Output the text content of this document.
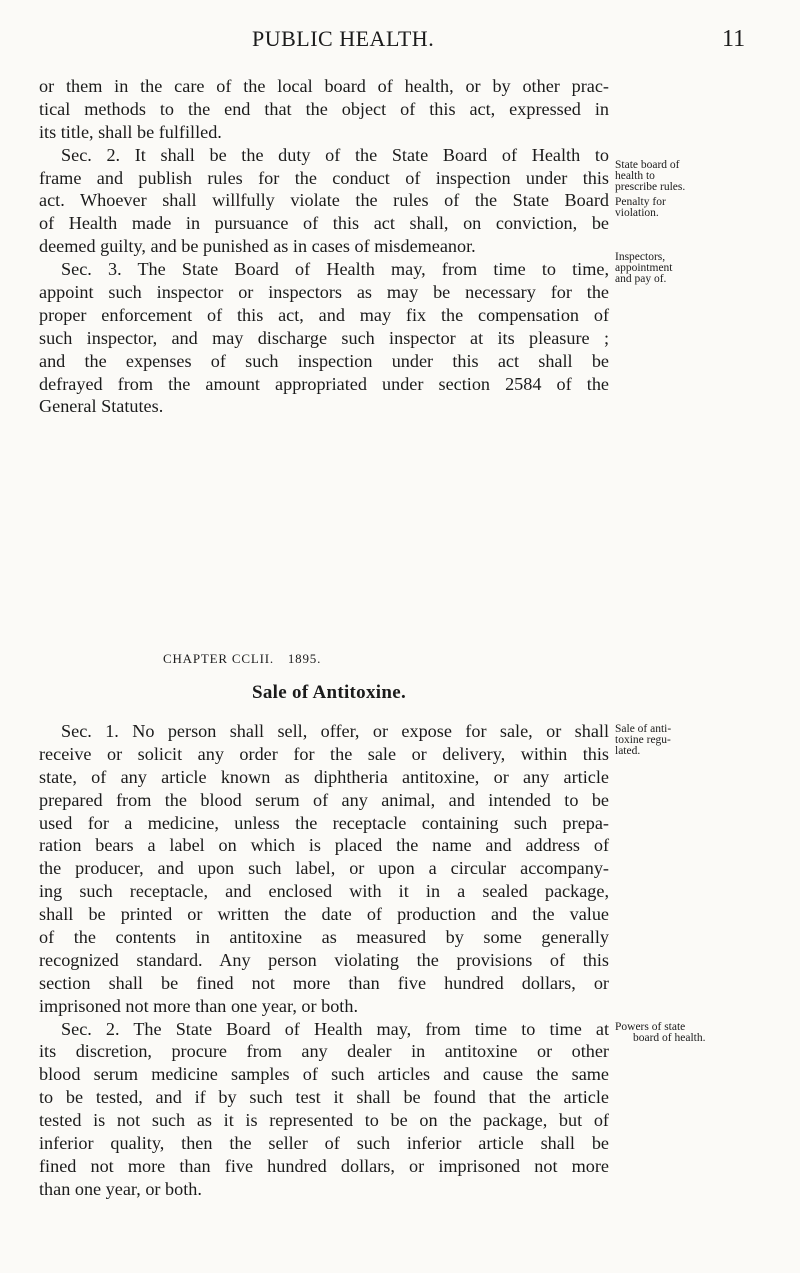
PUBLIC HEALTH.	11
or them in the care of the local board of health, or by other prac-
tical methods to the end that the object of this act, expressed in
its title, shall be fulfilled.
Sec. 2. It shall be the duty of the State Board of Health to
frame and publish rules for the conduct of inspection under this
act. Whoever shall willfully violate the rules of the State Board
of Health made in pursuance of this act shall, on conviction, be
deemed guilty, and be punished as in cases of misdemeanor.
Sec. 3. The State Board of Health may, from time to time,
appoint such inspector or inspectors as may be necessary for the
proper enforcement of this act, and may fix the compensation of
such inspector, and may discharge such inspector at its pleasure ;
and the expenses of such inspection under this act shall be
defrayed from the amount appropriated under section 2584 of the
General Statutes.
State board of
health to
prescribe rules.
Penalty for
violation.
Inspectors,
appointment
and pay of.
CHAPTER CCLII. 1895.
Sale of Antitoxine.
Sec. 1. No person shall sell, offer, or expose for sale, or shall
receive or solicit any order for the sale or delivery, within this
state, of any article known as diphtheria antitoxine, or any article
prepared from the blood serum of any animal, and intended to be
used for a medicine, unless the receptacle containing such prepa-
ration bears a label on which is placed the name and address of
the producer, and upon such label, or upon a circular accompany-
ing such receptacle, and enclosed with it in a sealed package,
shall be printed or written the date of production and the value
of the contents in antitoxine as measured by some generally
recognized standard. Any person violating the provisions of this
section shall be fined not more than five hundred dollars, or
imprisoned not more than one year, or both.
Sec. 2. The State Board of Health may, from time to time at
its discretion, procure from any dealer in antitoxine or other
blood serum medicine samples of such articles and cause the same
to be tested, and if by such test it shall be found that the article
tested is not such as it is represented to be on the package, but of
inferior quality, then the seller of such inferior article shall be
fined not more than five hundred dollars, or imprisoned not more
than one year, or both.
Sale of anti-
toxine regu-
lated.
Powers of state
board of health.
